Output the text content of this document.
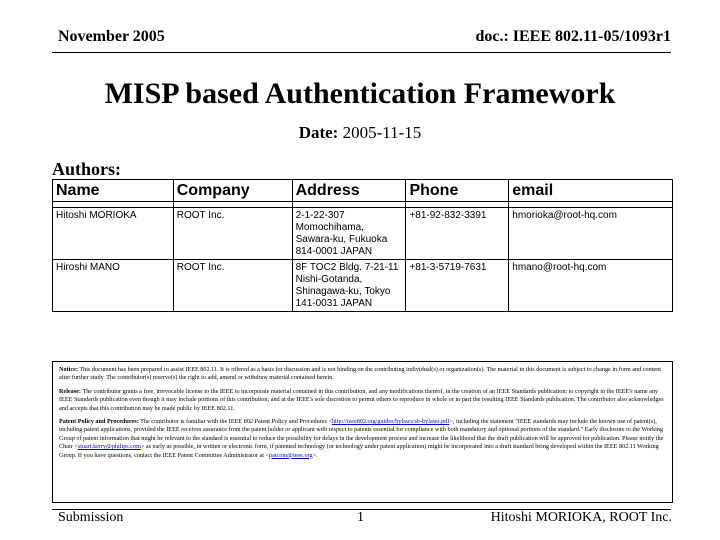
November 2005	doc.: IEEE 802.11-05/1093r1
MISP based Authentication Framework
Date: 2005-11-15
Authors:
Name	Company	Address	Phone	email

Hitoshi MORIOKA	ROOT Inc.	2-1-22-307 Momochihama, Sawara-ku, Fukuoka 814-0001 JAPAN	+81-92-832-3391	hmorioka@root-hq.com
Hiroshi MANO	ROOT Inc.	8F TOC2 Bldg. 7-21-11 Nishi-Gotanda, Shinagawa-ku, Tokyo 141-0031 JAPAN	+81-3-5719-7631	hmano@root-hq.com

Notice: This document has been prepared to assist IEEE 802.11. It is offered as a basis for discussion and is not binding on the contributing individual(s) or organization(s). The material in this document is subject to change in form and content after further study. The contributor(s) reserve(s) the right to add, amend or withdraw material contained herein.

Release: The contributor grants a free, irrevocable license to the IEEE to incorporate material contained in this contribution, and any modifications thereof, in the creation of an IEEE Standards publication; to copyright in the IEEE's name any IEEE Standards publication even though it may include portions of this contribution; and at the IEEE's sole discretion to permit others to reproduce in whole or in part the resulting IEEE Standards publication. The contributor also acknowledges and accepts that this contribution may be made public by IEEE 802.11.

Patent Policy and Procedures: The contributor is familiar with the IEEE 802 Patent Policy and Procedures <http://ieee802.org/guides/bylaws/sb-bylaws.pdf>, including the statement "IEEE standards may include the known use of patent(s), including patent applications, provided the IEEE receives assurance from the patent holder or applicant with respect to patents essential for compliance with both mandatory and optional portions of the standard." Early disclosure to the Working Group of patent information that might be relevant to the standard is essential to reduce the possibility for delays in the development process and increase the likelihood that the draft publication will be approved for publication. Please notify the Chair <stuart.kerry@philips.com> as early as possible, in written or electronic form, if patented technology (or technology under patent application) might be incorporated into a draft standard being developed within the IEEE 802.11 Working Group. If you have questions, contact the IEEE Patent Committee Administrator at <patcom@ieee.org>.

Submission	1	Hitoshi MORIOKA, ROOT Inc.
